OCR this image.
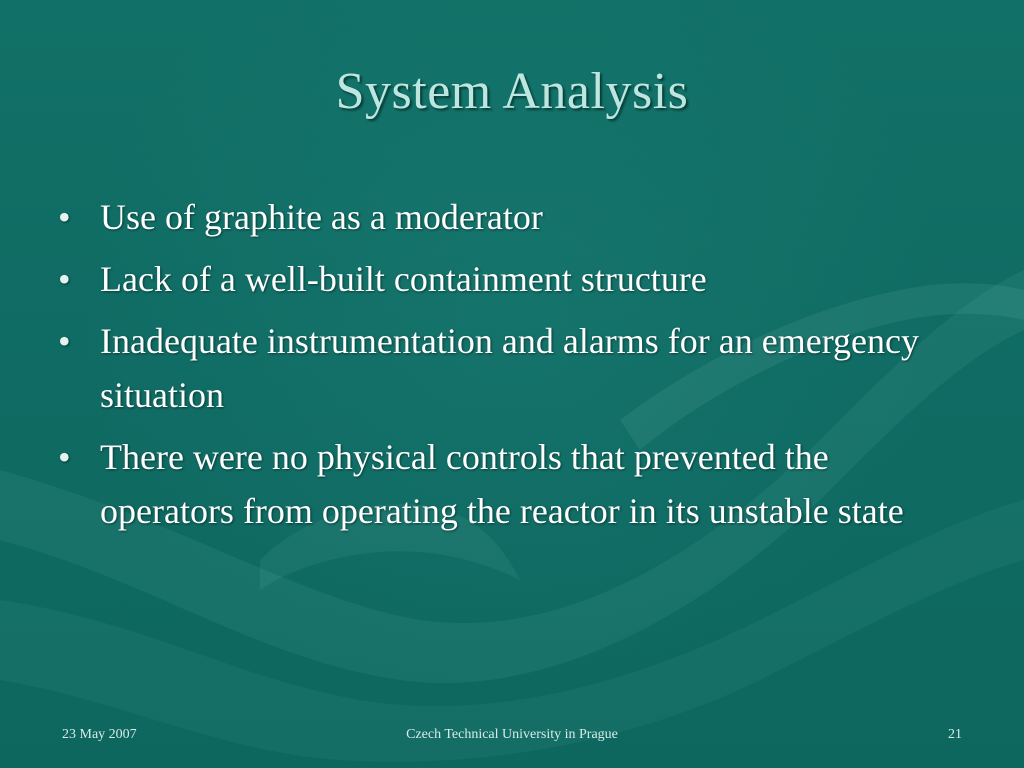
System Analysis
• Use of graphite as a moderator
• Lack of a well-built containment structure
• Inadequate instrumentation and alarms for an emergency situation
• There were no physical controls that prevented the operators from operating the reactor in its unstable state
23 May 2007	Czech Technical University in Prague	21
